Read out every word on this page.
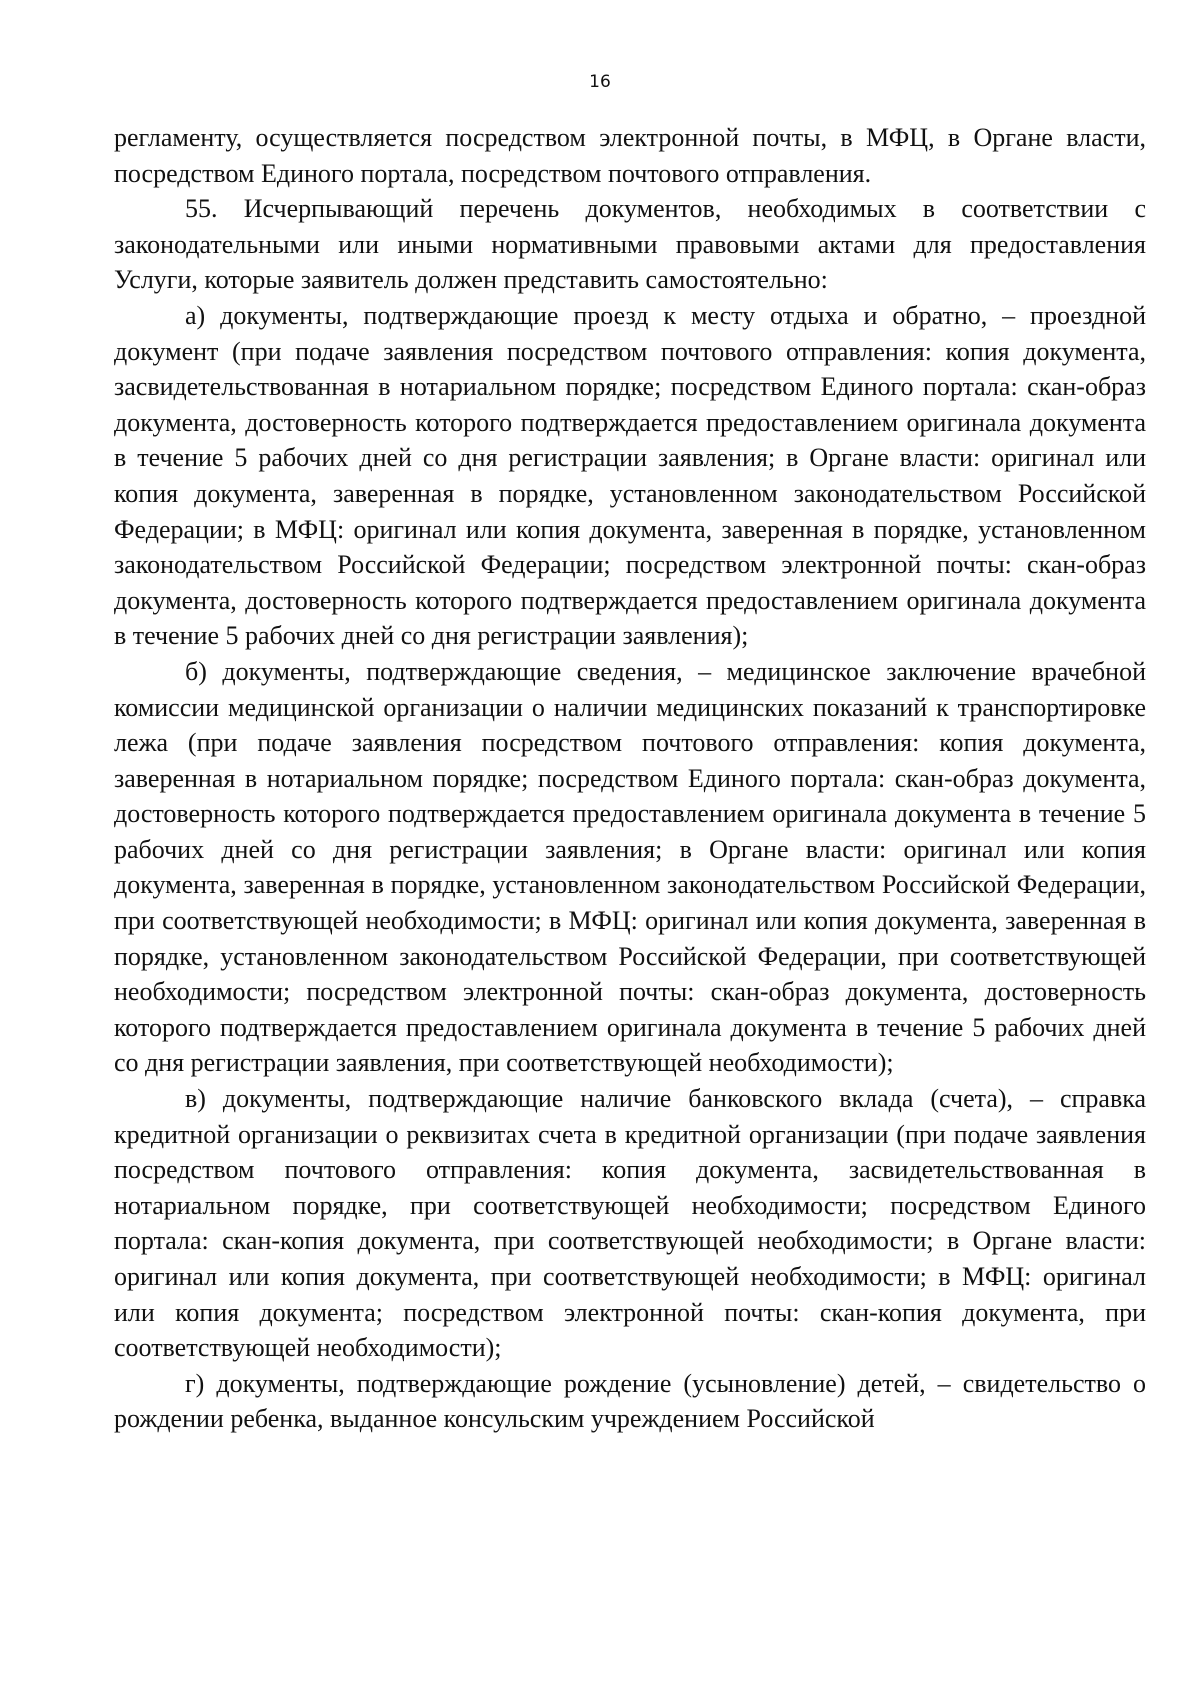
16

регламенту, осуществляется посредством электронной почты, в МФЦ, в Органе власти, посредством Единого портала, посредством почтового отправления.

55. Исчерпывающий перечень документов, необходимых в соответствии с законодательными или иными нормативными правовыми актами для предоставления Услуги, которые заявитель должен представить самостоятельно:

а) документы, подтверждающие проезд к месту отдыха и обратно, – проездной документ (при подаче заявления посредством почтового отправления: копия документа, засвидетельствованная в нотариальном порядке; посредством Единого портала: скан-образ документа, достоверность которого подтверждается предоставлением оригинала документа в течение 5 рабочих дней со дня регистрации заявления; в Органе власти: оригинал или копия документа, заверенная в порядке, установленном законодательством Российской Федерации; в МФЦ: оригинал или копия документа, заверенная в порядке, установленном законодательством Российской Федерации; посредством электронной почты: скан-образ документа, достоверность которого подтверждается предоставлением оригинала документа в течение 5 рабочих дней со дня регистрации заявления);

б) документы, подтверждающие сведения, – медицинское заключение врачебной комиссии медицинской организации о наличии медицинских показаний к транспортировке лежа (при подаче заявления посредством почтового отправления: копия документа, заверенная в нотариальном порядке; посредством Единого портала: скан-образ документа, достоверность которого подтверждается предоставлением оригинала документа в течение 5 рабочих дней со дня регистрации заявления; в Органе власти: оригинал или копия документа, заверенная в порядке, установленном законодательством Российской Федерации, при соответствующей необходимости; в МФЦ: оригинал или копия документа, заверенная в порядке, установленном законодательством Российской Федерации, при соответствующей необходимости; посредством электронной почты: скан-образ документа, достоверность которого подтверждается предоставлением оригинала документа в течение 5 рабочих дней со дня регистрации заявления, при соответствующей необходимости);

в) документы, подтверждающие наличие банковского вклада (счета), – справка кредитной организации о реквизитах счета в кредитной организации (при подаче заявления посредством почтового отправления: копия документа, засвидетельствованная в нотариальном порядке, при соответствующей необходимости; посредством Единого портала: скан-копия документа, при соответствующей необходимости; в Органе власти: оригинал или копия документа, при соответствующей необходимости; в МФЦ: оригинал или копия документа; посредством электронной почты: скан-копия документа, при соответствующей необходимости);

г) документы, подтверждающие рождение (усыновление) детей, – свидетельство о рождении ребенка, выданное консульским учреждением Российской
